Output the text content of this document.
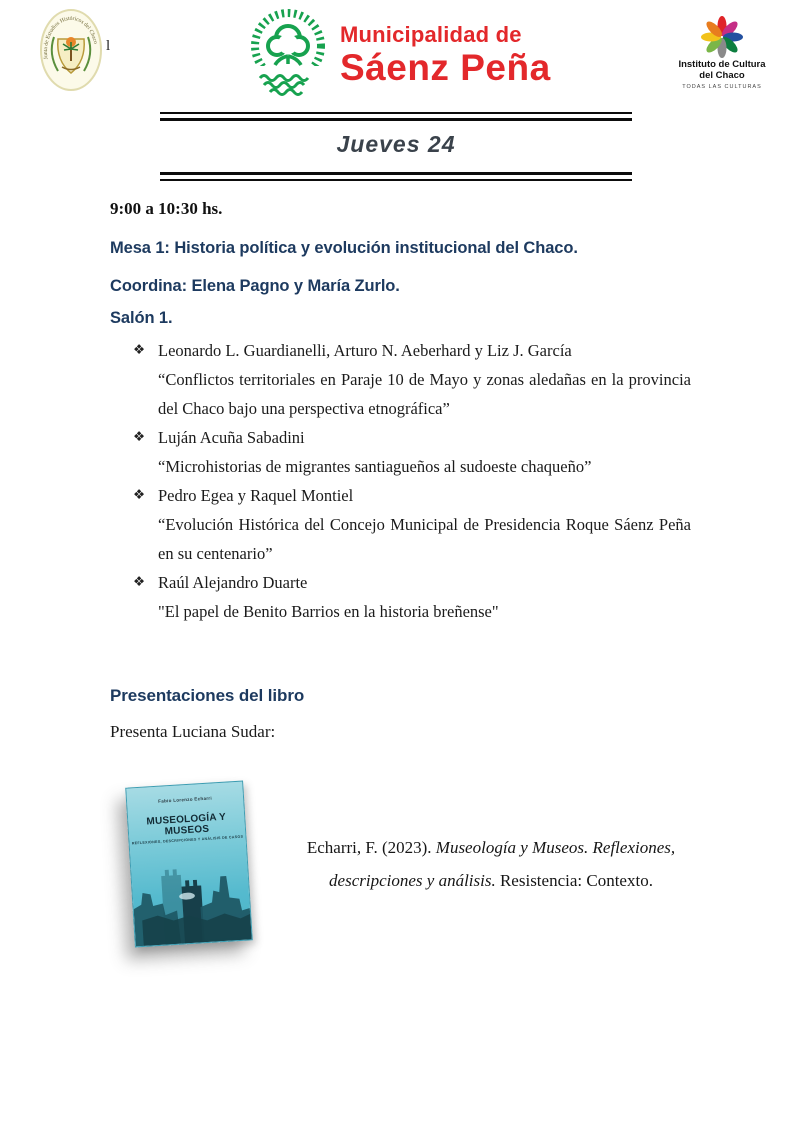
Junta de Estudios Históricos del Chaco l	Municipalidad de
Sáenz Peña	Instituto de Cultura
del Chaco
TODAS LAS CULTURAS
Jueves 24
9:00 a 10:30 hs.
Mesa 1: Historia política y evolución institucional del Chaco.
Coordina: Elena Pagno y María Zurlo.
Salón 1.
❖ Leonardo L. Guardianelli, Arturo N. Aeberhard y Liz J. García
“Conflictos territoriales en Paraje 10 de Mayo y zonas aledañas en la provincia del Chaco bajo una perspectiva etnográfica”
❖ Luján Acuña Sabadini
“Microhistorias de migrantes santiagueños al sudoeste chaqueño”
❖ Pedro Egea y Raquel Montiel
“Evolución Histórica del Concejo Municipal de Presidencia Roque Sáenz Peña en su centenario”
❖ Raúl Alejandro Duarte
"El papel de Benito Barrios en la historia breñense"
Presentaciones del libro
Presenta Luciana Sudar:
Fabio Lorenzo Echarri
MUSEOLOGÍA Y MUSEOS
REFLEXIONES, DESCRIPCIONES Y ANÁLISIS DE CASOS	Echarri, F. (2023). Museología y Museos. Reflexiones, descripciones y análisis. Resistencia: Contexto.
